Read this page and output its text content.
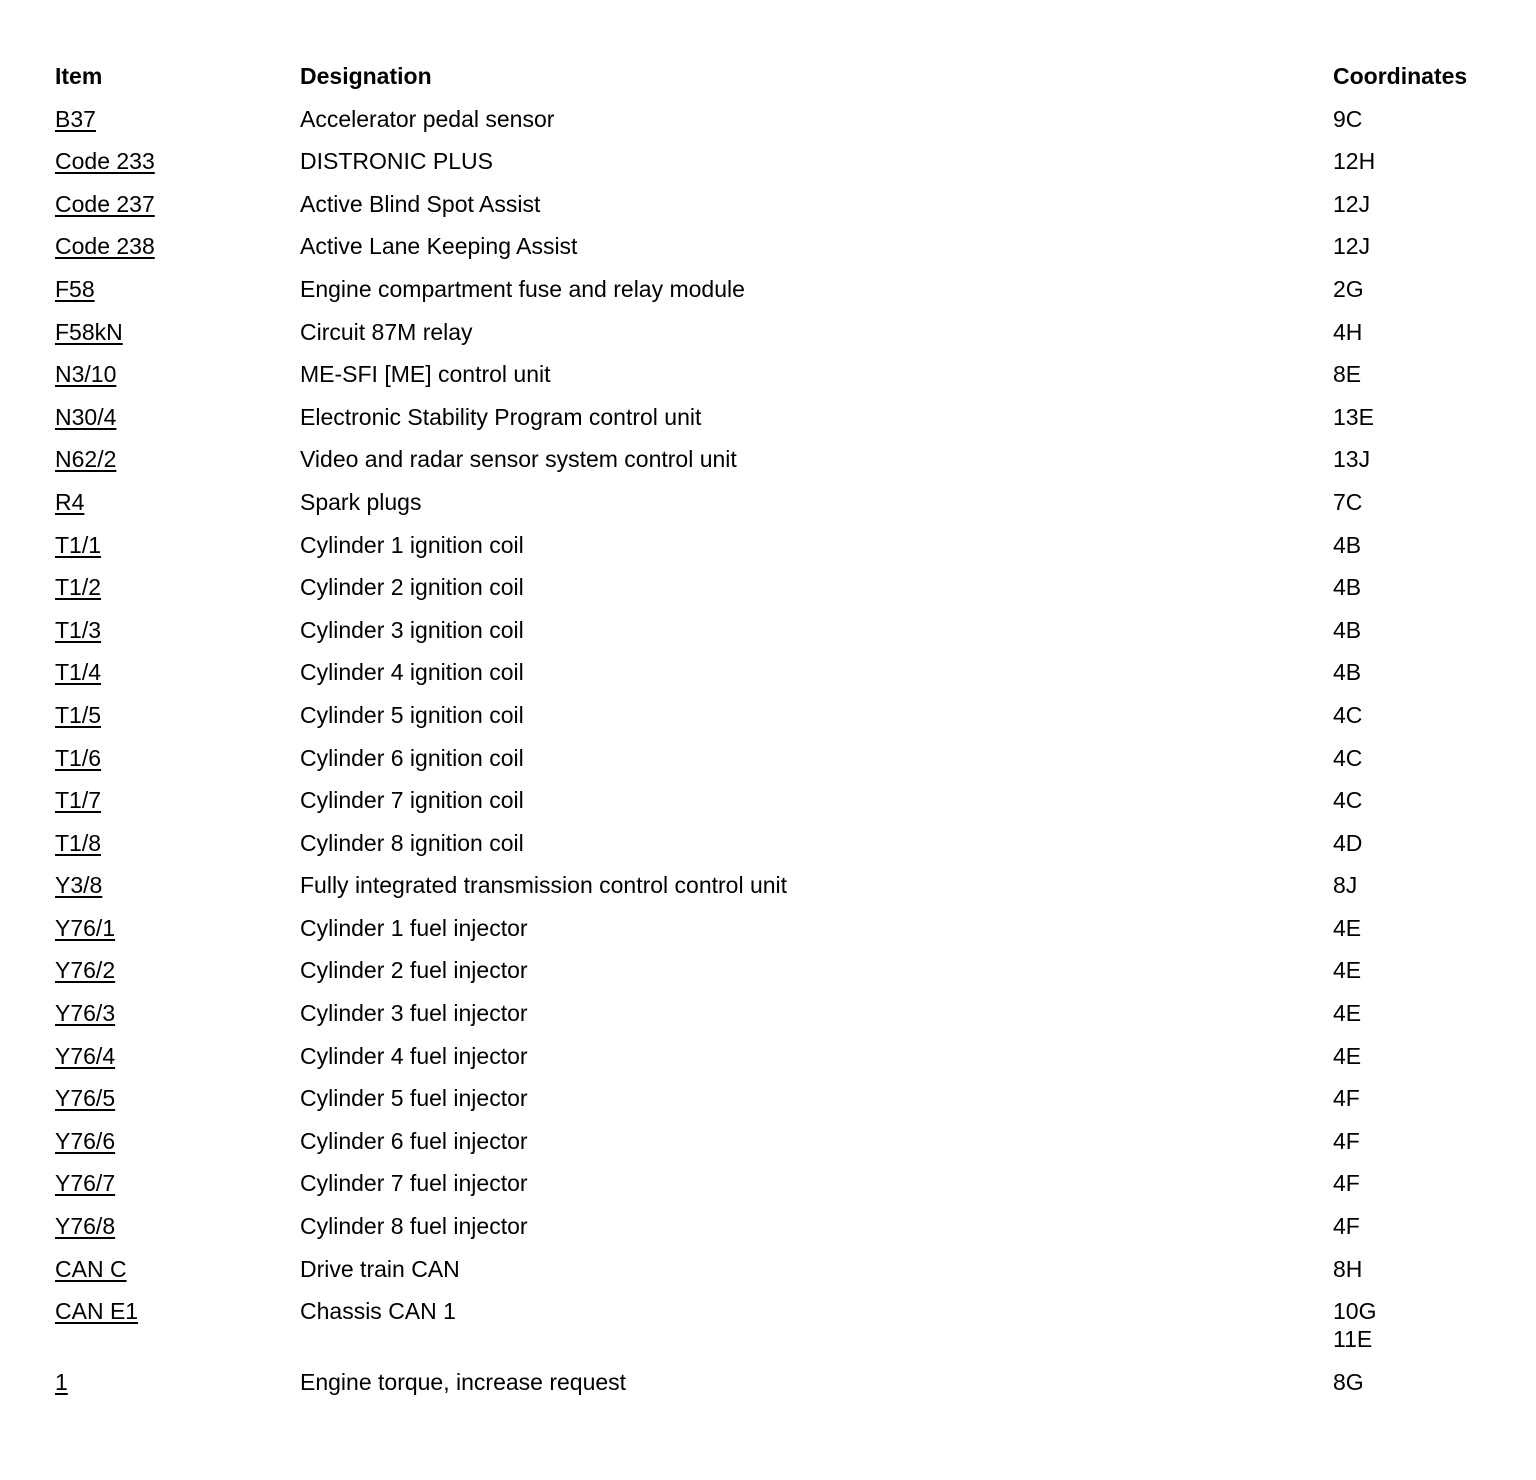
Item	Designation	Coordinates
B37	Accelerator pedal sensor	9C
Code 233	DISTRONIC PLUS	12H
Code 237	Active Blind Spot Assist	12J
Code 238	Active Lane Keeping Assist	12J
F58	Engine compartment fuse and relay module	2G
F58kN	Circuit 87M relay	4H
N3/10	ME-SFI [ME] control unit	8E
N30/4	Electronic Stability Program control unit	13E
N62/2	Video and radar sensor system control unit	13J
R4	Spark plugs	7C
T1/1	Cylinder 1 ignition coil	4B
T1/2	Cylinder 2 ignition coil	4B
T1/3	Cylinder 3 ignition coil	4B
T1/4	Cylinder 4 ignition coil	4B
T1/5	Cylinder 5 ignition coil	4C
T1/6	Cylinder 6 ignition coil	4C
T1/7	Cylinder 7 ignition coil	4C
T1/8	Cylinder 8 ignition coil	4D
Y3/8	Fully integrated transmission control control unit	8J
Y76/1	Cylinder 1 fuel injector	4E
Y76/2	Cylinder 2 fuel injector	4E
Y76/3	Cylinder 3 fuel injector	4E
Y76/4	Cylinder 4 fuel injector	4E
Y76/5	Cylinder 5 fuel injector	4F
Y76/6	Cylinder 6 fuel injector	4F
Y76/7	Cylinder 7 fuel injector	4F
Y76/8	Cylinder 8 fuel injector	4F
CAN C	Drive train CAN	8H
CAN E1	Chassis CAN 1	10G
11E
1	Engine torque, increase request	8G
